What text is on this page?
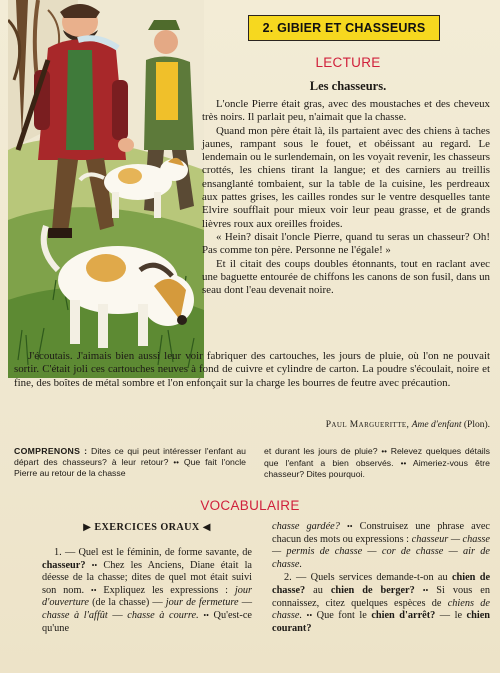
2. GIBIER ET CHASSEURS
LECTURE
Les chasseurs.

L'oncle Pierre était gras, avec des moustaches et des cheveux très noirs. Il parlait peu, n'aimait que la chasse.

Quand mon père était là, ils partaient avec des chiens à taches jaunes, rampant sous le fouet, et obéissant au regard. Le lendemain ou le surlendemain, on les voyait revenir, les chasseurs crottés, les chiens tirant la langue; et des carniers au treillis ensanglanté tombaient, sur la table de la cuisine, les perdreaux aux pattes grises, les cailles rondes sur le ventre desquelles tante Elvire soufflait pour mieux voir leur peau grasse, et de grands lièvres roux aux oreilles froides.

« Hein? disait l'oncle Pierre, quand tu seras un chasseur? Oh! Pas comme ton père. Personne ne l'égale! »

Et il citait des coups doubles étonnants, tout en raclant avec une baguette entourée de chiffons les canons de son fusil, dans un seau dont l'eau devenait noire.

J'écoutais. J'aimais bien aussi leur voir fabriquer des cartouches, les jours de pluie, où l'on ne pouvait sortir. C'était joli ces cartouches neuves à fond de cuivre et cylindre de carton. La poudre s'écoulait, noire et fine, des boîtes de métal sombre et l'on enfonçait sur la charge les bourres de feutre avec précaution.

Paul Margueritte, Ame d'enfant (Plon).
COMPRENONS : Dites ce qui peut intéresser l'enfant au départ des chasseurs? à leur retour? •• Que fait l'oncle Pierre au retour de la chasse
et durant les jours de pluie? •• Relevez quelques détails que l'enfant a bien observés. •• Aimeriez-vous être chasseur? Dites pourquoi.
VOCABULAIRE
▶ EXERCICES ORAUX ◀

1. — Quel est le féminin, de forme savante, de chasseur? •• Chez les Anciens, Diane était la déesse de la chasse; dites de quel mot était suivi son nom. •• Expliquez les expressions : jour d'ouverture (de la chasse) — jour de fermeture — chasse à l'affût — chasse à courre. •• Qu'est-ce qu'une

chasse gardée? •• Construisez une phrase avec chacun des mots ou expressions : chasseur — chasse — permis de chasse — cor de chasse — air de chasse.

2. — Quels services demande-t-on au chien de chasse? au chien de berger? •• Si vous en connaissez, citez quelques espèces de chiens de chasse. •• Que font le chien d'arrêt? — le chien courant?
